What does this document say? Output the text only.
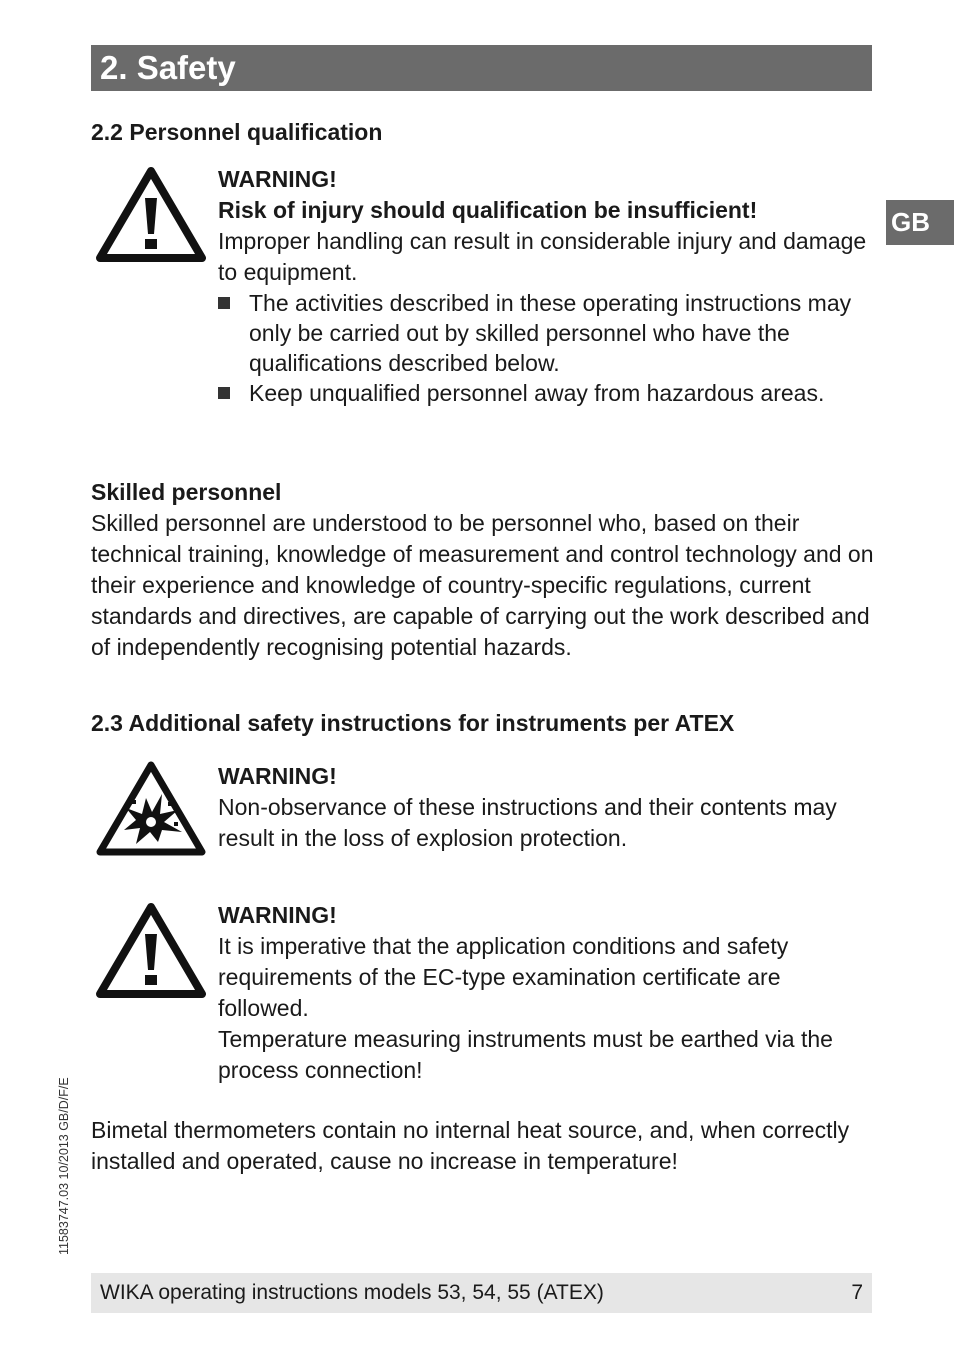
2. Safety
GB
2.2 Personnel qualification
WARNING!
Risk of injury should qualification be insufficient!
Improper handling can result in considerable injury and damage to equipment.
The activities described in these operating instructions may only be carried out by skilled personnel who have the qualifications described below.
Keep unqualified personnel away from hazardous areas.
Skilled personnel
Skilled personnel are understood to be personnel who, based on their technical training, knowledge of measurement and control technology and on their experience and knowledge of country-specific regulations, current standards and directives, are capable of carrying out the work described and of independently recognising potential hazards.
2.3 Additional safety instructions for instruments per ATEX
WARNING!
Non-observance of these instructions and their contents may result in the loss of explosion protection.
WARNING!
It is imperative that the application conditions and safety requirements of the EC-type examination certificate are followed.
Temperature measuring instruments must be earthed via the process connection!
Bimetal thermometers contain no internal heat source, and, when correctly installed and operated, cause no increase in temperature!
11583747.03 10/2013 GB/D/F/E
WIKA operating instructions models 53, 54, 55 (ATEX)	7
